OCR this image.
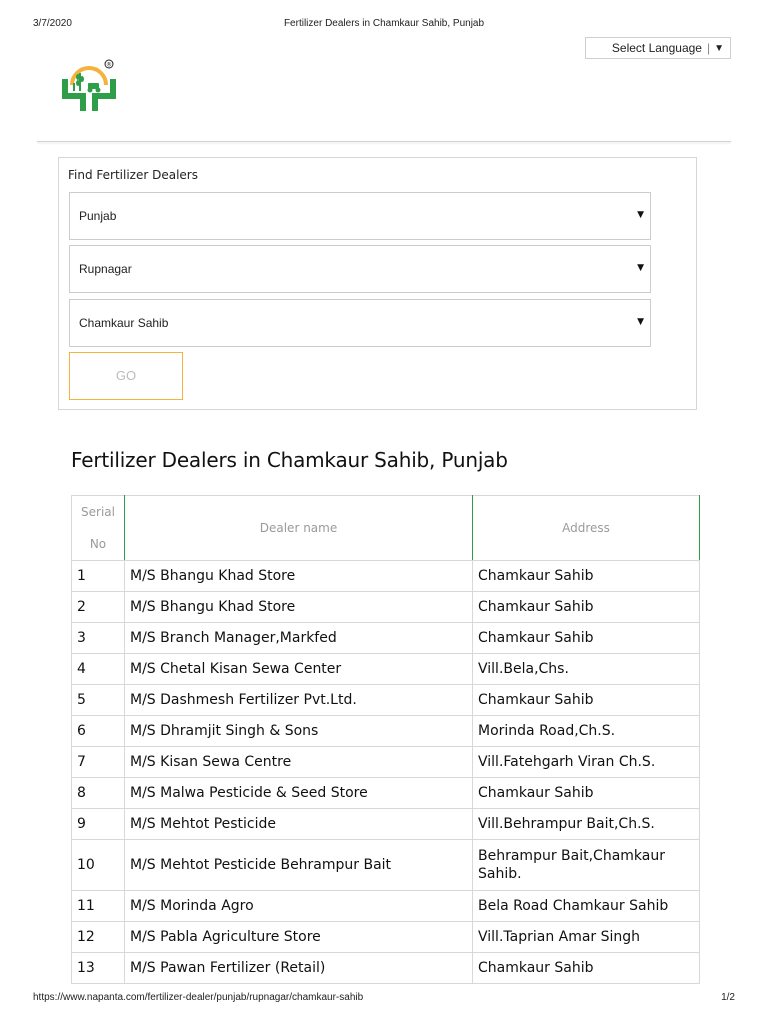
3/7/2020	Fertilizer Dealers in Chamkaur Sahib, Punjab
Select Language | ▼
®
Find Fertilizer Dealers
Punjab	▼
Rupnagar	▼
Chamkaur Sahib	▼
GO
Fertilizer Dealers in Chamkaur Sahib, Punjab
Serial
No	Dealer name	Address
1	M/S Bhangu Khad Store	Chamkaur Sahib
2	M/S Bhangu Khad Store	Chamkaur Sahib
3	M/S Branch Manager,Markfed	Chamkaur Sahib
4	M/S Chetal Kisan Sewa Center	Vill.Bela,Chs.
5	M/S Dashmesh Fertilizer Pvt.Ltd.	Chamkaur Sahib
6	M/S Dhramjit Singh & Sons	Morinda Road,Ch.S.
7	M/S Kisan Sewa Centre	Vill.Fatehgarh Viran Ch.S.
8	M/S Malwa Pesticide & Seed Store	Chamkaur Sahib
9	M/S Mehtot Pesticide	Vill.Behrampur Bait,Ch.S.
10	M/S Mehtot Pesticide Behrampur Bait	Behrampur Bait,Chamkaur Sahib.
11	M/S Morinda Agro	Bela Road Chamkaur Sahib
12	M/S Pabla Agriculture Store	Vill.Taprian Amar Singh
13	M/S Pawan Fertilizer (Retail)	Chamkaur Sahib
https://www.napanta.com/fertilizer-dealer/punjab/rupnagar/chamkaur-sahib	1/2
